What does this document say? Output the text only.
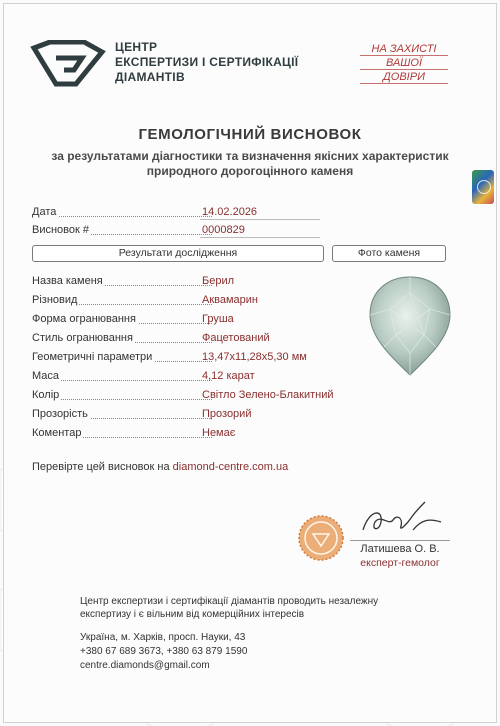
ЦЕНТР
ЕКСПЕРТИЗИ І СЕРТИФІКАЦІЇ
ДІАМАНТІВ
НА ЗАХИСТІ
ВАШОЇ
ДОВІРИ
ГЕМОЛОГІЧНИЙ ВИСНОВОК
за результатами діагностики та визначення якісних характеристик
природного дорогоцінного каменя
Дата	14.02.2026
Висновок #	0000829
Результати дослідження	Фото каменя
Назва каменя	Берил
Різновид	Аквамарин
Форма огранювання	Груша
Стиль огранювання	Фацетований
Геометричні параметри	13,47х11,28х5,30 мм
Маса	4,12 карат
Колір	Світло Зелено-Блакитний
Прозорість	Прозорий
Коментар	Немає
Перевірте цей висновок на diamond-centre.com.ua
Латишева О. В.
експерт-гемолог
Центр експертизи і сертифікації діамантів проводить незалежну
експертизу і є вільним від комерційних інтересів
Україна, м. Харків, просп. Науки, 43
+380 67 689 3673, +380 63 879 1590
centre.diamonds@gmail.com
